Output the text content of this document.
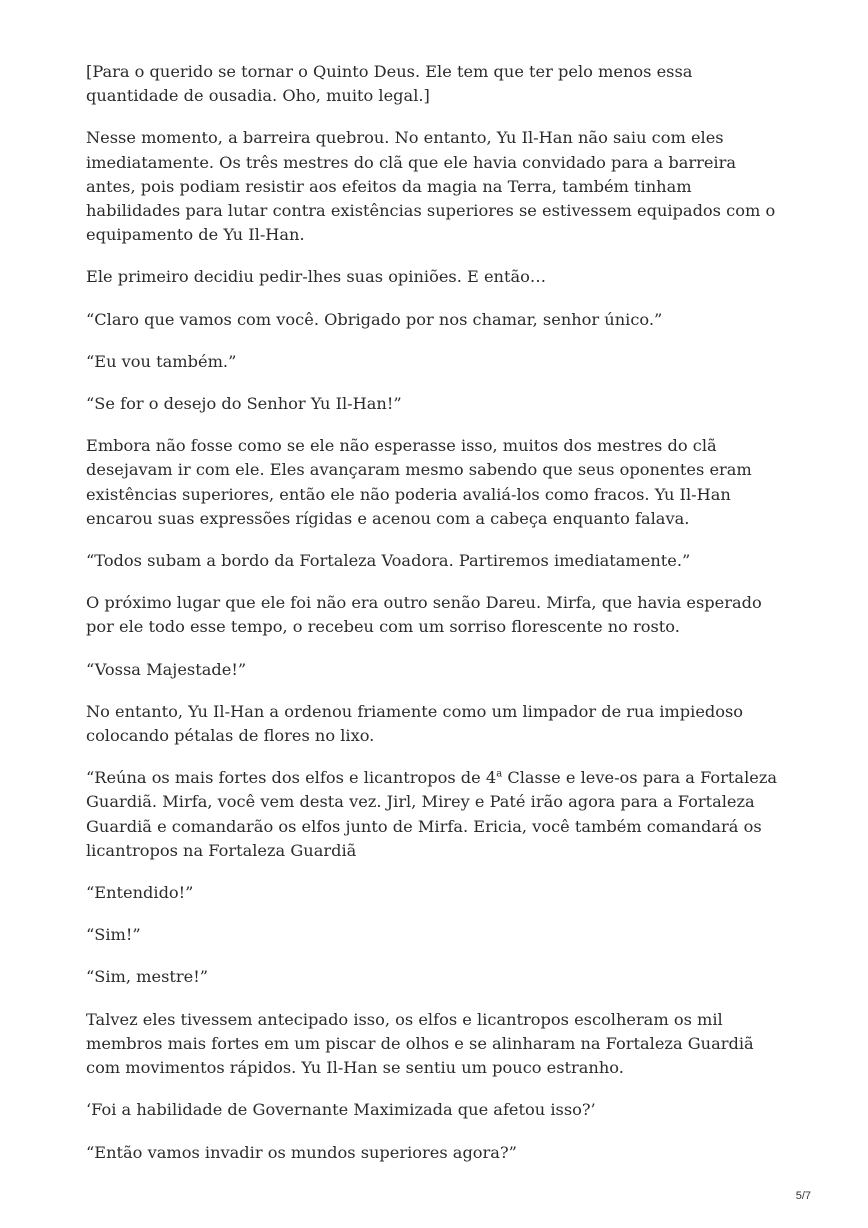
[Para o querido se tornar o Quinto Deus. Ele tem que ter pelo menos essa quantidade de ousadia. Oho, muito legal.]

Nesse momento, a barreira quebrou. No entanto, Yu Il-Han não saiu com eles imediatamente. Os três mestres do clã que ele havia convidado para a barreira antes, pois podiam resistir aos efeitos da magia na Terra, também tinham habilidades para lutar contra existências superiores se estivessem equipados com o equipamento de Yu Il-Han.

Ele primeiro decidiu pedir-lhes suas opiniões. E então…

“Claro que vamos com você. Obrigado por nos chamar, senhor único.”

“Eu vou também.”

“Se for o desejo do Senhor Yu Il-Han!”

Embora não fosse como se ele não esperasse isso, muitos dos mestres do clã desejavam ir com ele. Eles avançaram mesmo sabendo que seus oponentes eram existências superiores, então ele não poderia avaliá-los como fracos. Yu Il-Han encarou suas expressões rígidas e acenou com a cabeça enquanto falava.

“Todos subam a bordo da Fortaleza Voadora. Partiremos imediatamente.”

O próximo lugar que ele foi não era outro senão Dareu. Mirfa, que havia esperado por ele todo esse tempo, o recebeu com um sorriso florescente no rosto.

“Vossa Majestade!”

No entanto, Yu Il-Han a ordenou friamente como um limpador de rua impiedoso colocando pétalas de flores no lixo.

“Reúna os mais fortes dos elfos e licantropos de 4$^a$ Classe e leve-os para a Fortaleza Guardiã. Mirfa, você vem desta vez. Jirl, Mirey e Paté irão agora para a Fortaleza Guardiã e comandarão os elfos junto de Mirfa. Ericia, você também comandará os licantropos na Fortaleza Guardiã

“Entendido!”

“Sim!”

“Sim, mestre!”

Talvez eles tivessem antecipado isso, os elfos e licantropos escolheram os mil membros mais fortes em um piscar de olhos e se alinharam na Fortaleza Guardiã com movimentos rápidos. Yu Il-Han se sentiu um pouco estranho.

‘Foi a habilidade de Governante Maximizada que afetou isso?’

“Então vamos invadir os mundos superiores agora?”

5/7
